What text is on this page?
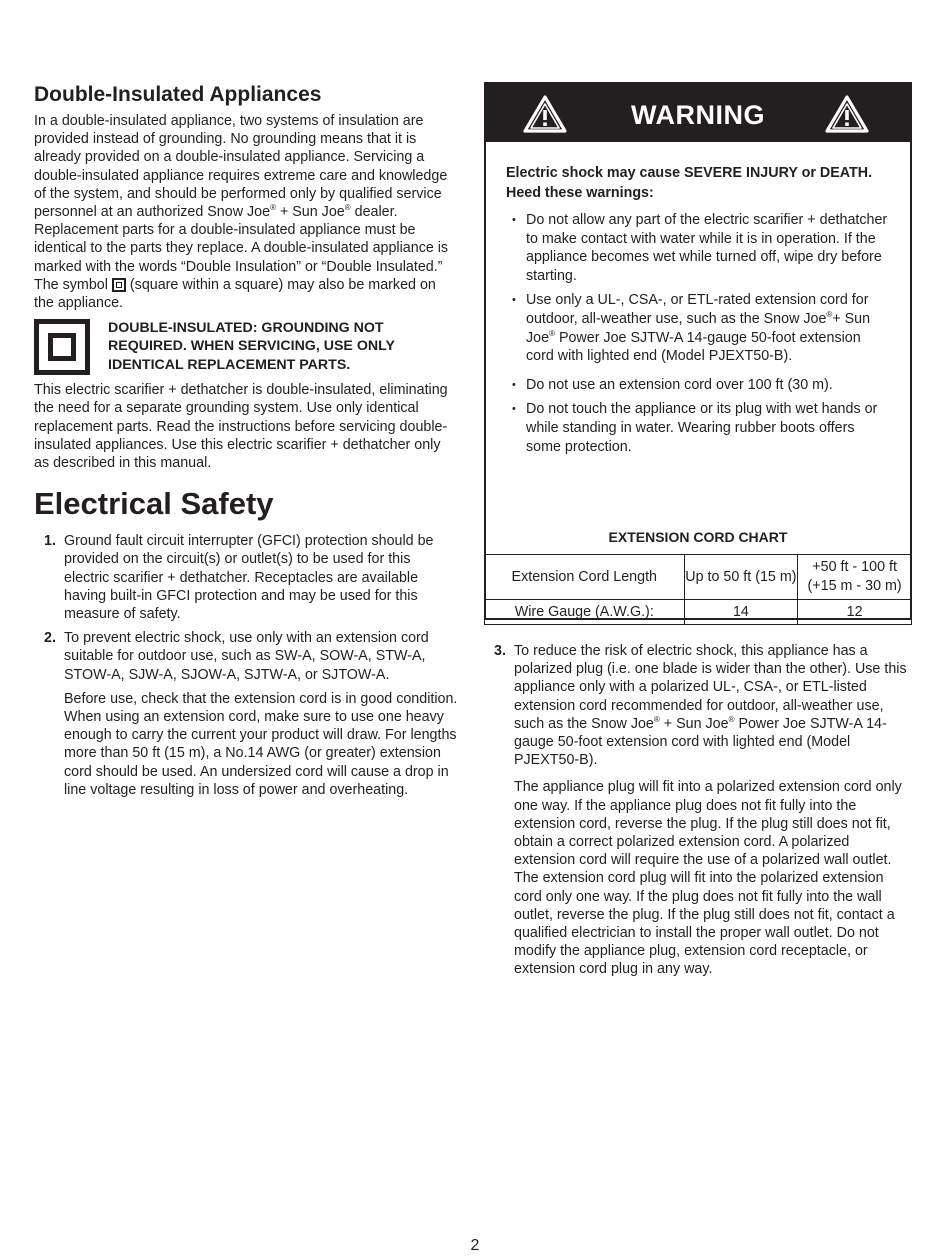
Double-Insulated Appliances

In a double-insulated appliance, two systems of insulation are provided instead of grounding. No grounding means that it is already provided on a double-insulated appliance. Servicing a double-insulated appliance requires extreme care and knowledge of the system, and should be performed only by qualified service personnel at an authorized Snow Joe® + Sun Joe® dealer. Replacement parts for a double-insulated appliance must be identical to the parts they replace. A double-insulated appliance is marked with the words “Double Insulation” or “Double Insulated.” The symbol (square within a square) may also be marked on the appliance.

DOUBLE-INSULATED: GROUNDING NOT REQUIRED. WHEN SERVICING, USE ONLY IDENTICAL REPLACEMENT PARTS.

This electric scarifier + dethatcher is double-insulated, eliminating the need for a separate grounding system. Use only identical replacement parts. Read the instructions before servicing double-insulated appliances. Use this electric scarifier + dethatcher only as described in this manual.

Electrical Safety
1. Ground fault circuit interrupter (GFCI) protection should be provided on the circuit(s) or outlet(s) to be used for this electric scarifier + dethatcher. Receptacles are available having built-in GFCI protection and may be used for this measure of safety.

2. To prevent electric shock, use only with an extension cord suitable for outdoor use, such as SW-A, SOW-A, STW-A, STOW-A, SJW-A, SJOW-A, SJTW-A, or SJTOW-A.

Before use, check that the extension cord is in good condition. When using an extension cord, make sure to use one heavy enough to carry the current your product will draw. For lengths more than 50 ft (15 m), a No.14 AWG (or greater) extension cord should be used. An undersized cord will cause a drop in line voltage resulting in loss of power and overheating.

WARNING

Electric shock may cause SEVERE INJURY or DEATH. Heed these warnings:

• Do not allow any part of the electric scarifier + dethatcher to make contact with water while it is in operation. If the appliance becomes wet while turned off, wipe dry before starting.

• Use only a UL-, CSA-, or ETL-rated extension cord for outdoor, all-weather use, such as the Snow Joe®+ Sun Joe® Power Joe SJTW-A 14-gauge 50-foot extension cord with lighted end (Model PJEXT50-B).

• Do not use an extension cord over 100 ft (30 m).

• Do not touch the appliance or its plug with wet hands or while standing in water. Wearing rubber boots offers some protection.

EXTENSION CORD CHART

Extension Cord Length	Up to 50 ft (15 m)	+50 ft - 100 ft (+15 m - 30 m)
Wire Gauge (A.W.G.):	14	12
3. To reduce the risk of electric shock, this appliance has a polarized plug (i.e. one blade is wider than the other). Use this appliance only with a polarized UL-, CSA-, or ETL-listed extension cord recommended for outdoor, all-weather use, such as the Snow Joe® + Sun Joe® Power Joe SJTW-A 14-gauge 50-foot extension cord with lighted end (Model PJEXT50-B).

The appliance plug will fit into a polarized extension cord only one way. If the appliance plug does not fit fully into the extension cord, reverse the plug. If the plug still does not fit, obtain a correct polarized extension cord. A polarized extension cord will require the use of a polarized wall outlet. The extension cord plug will fit into the polarized extension cord only one way. If the plug does not fit fully into the wall outlet, reverse the plug. If the plug still does not fit, contact a qualified electrician to install the proper wall outlet. Do not modify the appliance plug, extension cord receptacle, or extension cord plug in any way.

2
